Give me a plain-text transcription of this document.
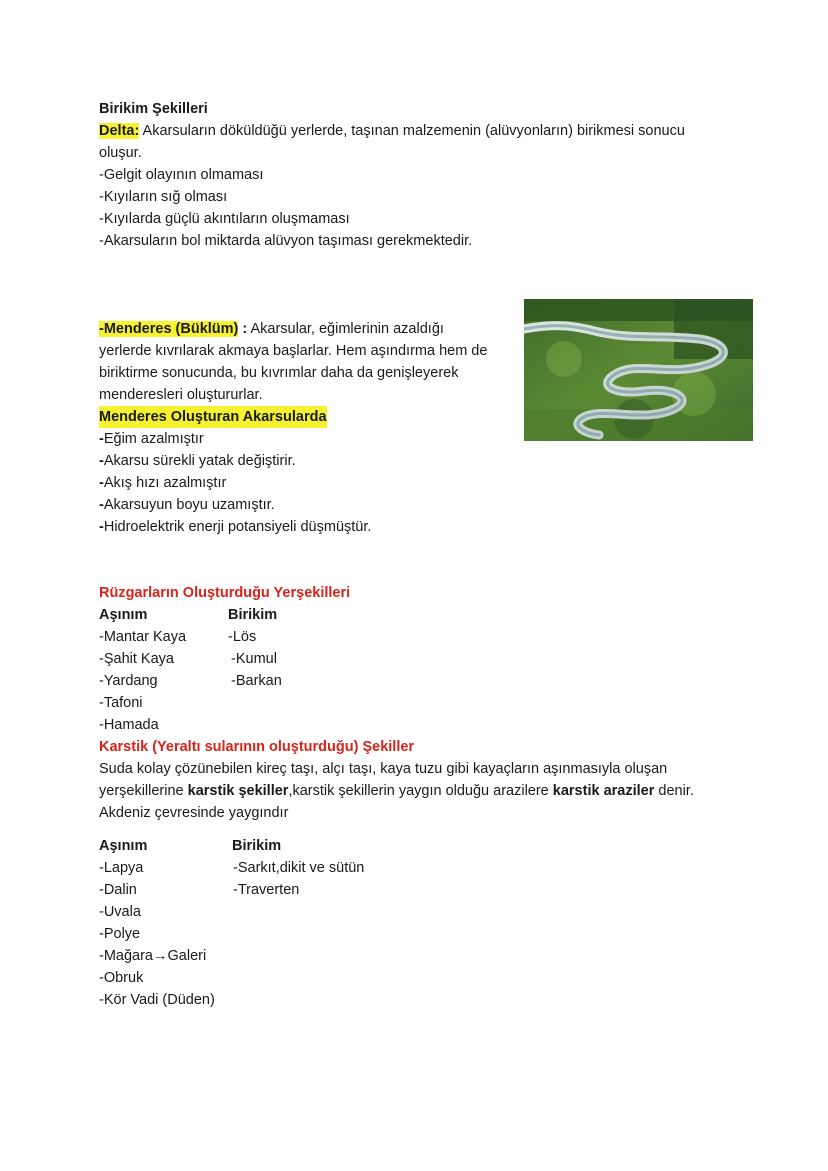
Birikim Şekilleri
Delta: Akarsuların döküldüğü yerlerde, taşınan malzemenin (alüvyonların) birikmesi sonucu
oluşur.
-Gelgit olayının olmaması
-Kıyıların sığ olması
-Kıyılarda güçlü akıntıların oluşmaması
-Akarsuların bol miktarda alüvyon taşıması gerekmektedir.
-Menderes (Büklüm) : Akarsular, eğimlerinin azaldığı
yerlerde kıvrılarak akmaya başlarlar. Hem aşındırma hem de
biriktirme sonucunda, bu kıvrımlar daha da genişleyerek
menderesleri oluştururlar.
Menderes Oluşturan Akarsularda
-Eğim azalmıştır
-Akarsu sürekli yatak değiştirir.
-Akış hızı azalmıştır
-Akarsuyun boyu uzamıştır.
-Hidroelektrik enerji potansiyeli düşmüştür.
Rüzgarların Oluşturduğu Yerşekilleri
Aşınım	Birikim
-Mantar Kaya
-Şahit Kaya
-Yardang
-Tafoni
-Hamada
-Lös
-Kumul
-Barkan
Karstik (Yeraltı sularının oluşturduğu) Şekiller
Suda kolay çözünebilen kireç taşı, alçı taşı, kaya tuzu gibi kayaçların aşınmasıyla oluşan
yerşekillerine karstik şekiller,karstik şekillerin yaygın olduğu arazilere karstik araziler denir.
Akdeniz çevresinde yaygındır
Aşınım	Birikim
-Lapya
-Dalin
-Uvala
-Polye
-Mağara→Galeri
-Obruk
-Kör Vadi (Düden)
-Sarkıt,dikit ve sütün
-Traverten
